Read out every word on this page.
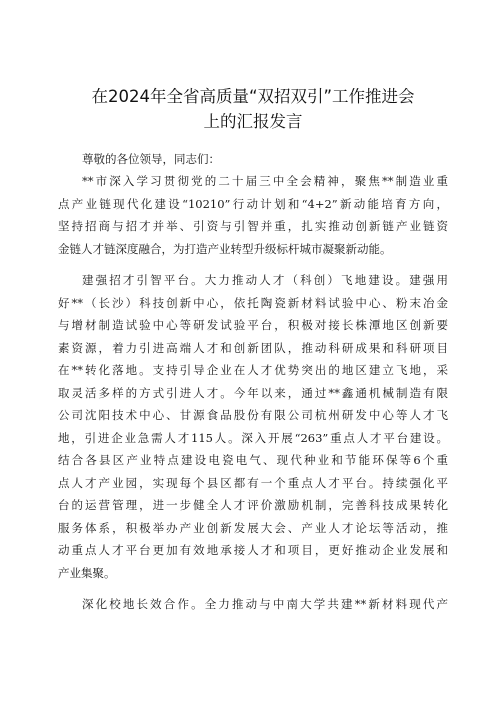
在2024年全省高质量“双招双引”工作推进会
上的汇报发言

尊敬的各位领导，同志们：

**市深入学习贯彻党的二十届三中全会精神，聚焦**制造业重
点产业链现代化建设“10210”行动计划和“4+2”新动能培育方向，
坚持招商与招才并举、引资与引智并重，扎实推动创新链产业链资
金链人才链深度融合，为打造产业转型升级标杆城市凝聚新动能。

建强招才引智平台。大力推动人才（科创）飞地建设。建强用
好**（长沙）科技创新中心，依托陶瓷新材料试验中心、粉末冶金
与增材制造试验中心等研发试验平台，积极对接长株潭地区创新要
素资源，着力引进高端人才和创新团队，推动科研成果和科研项目
在**转化落地。支持引导企业在人才优势突出的地区建立飞地，采
取灵活多样的方式引进人才。今年以来，通过**鑫通机械制造有限
公司沈阳技术中心、甘源食品股份有限公司杭州研发中心等人才飞
地，引进企业急需人才115人。深入开展“263”重点人才平台建设。
结合各县区产业特点建设电瓷电气、现代种业和节能环保等6个重
点人才产业园，实现每个县区都有一个重点人才平台。持续强化平
台的运营管理，进一步健全人才评价激励机制，完善科技成果转化
服务体系，积极举办产业创新发展大会、产业人才论坛等活动，推
动重点人才平台更加有效地承接人才和项目，更好推动企业发展和
产业集聚。

深化校地长效合作。全力推动与中南大学共建**新材料现代产
